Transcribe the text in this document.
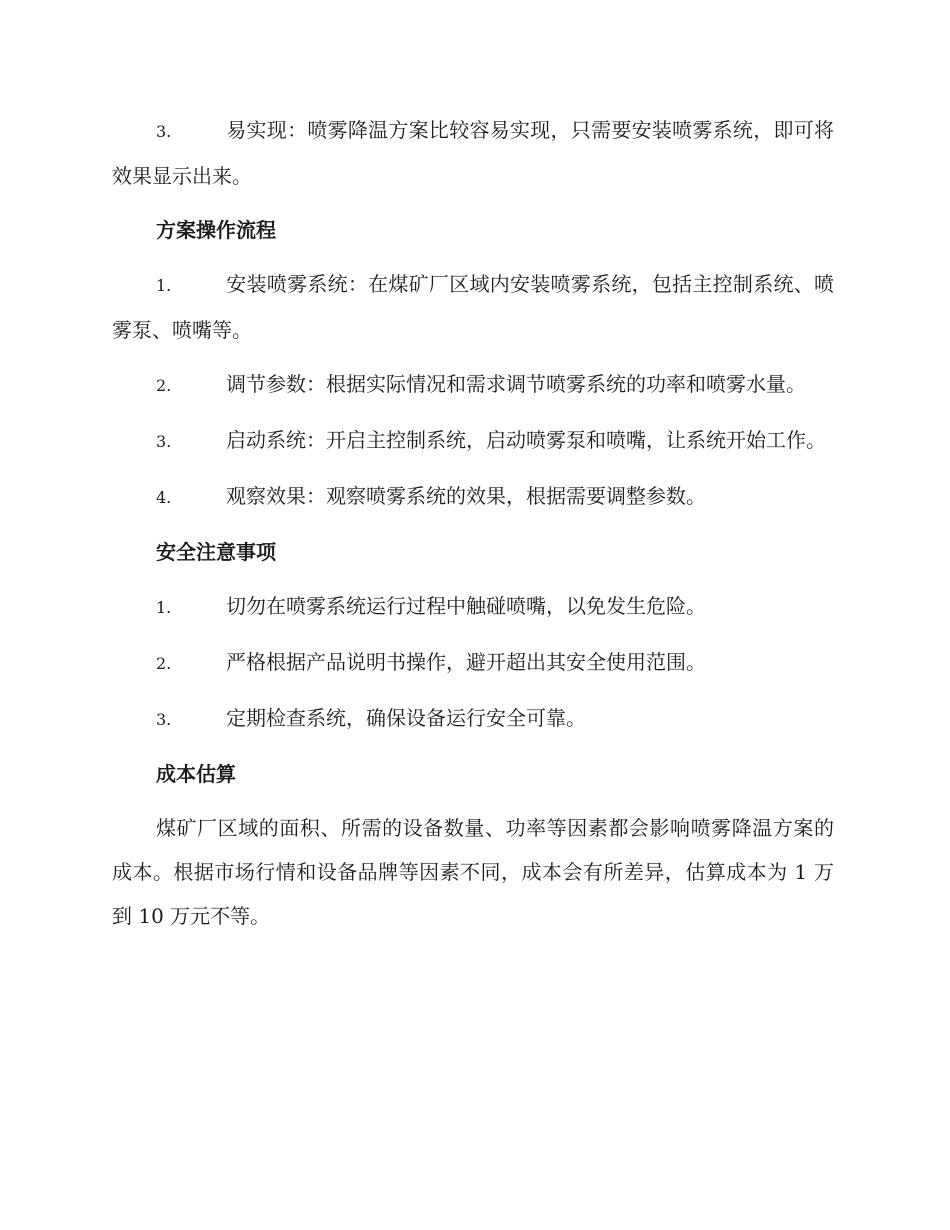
3.	易实现：喷雾降温方案比较容易实现，只需要安装喷雾系统，即可将效果显示出来。
方案操作流程
1.	安装喷雾系统：在煤矿厂区域内安装喷雾系统，包括主控制系统、喷雾泵、喷嘴等。
2.	调节参数：根据实际情况和需求调节喷雾系统的功率和喷雾水量。
3.	启动系统：开启主控制系统，启动喷雾泵和喷嘴，让系统开始工作。
4.	观察效果：观察喷雾系统的效果，根据需要调整参数。
安全注意事项
1.	切勿在喷雾系统运行过程中触碰喷嘴，以免发生危险。
2.	严格根据产品说明书操作，避开超出其安全使用范围。
3.	定期检查系统，确保设备运行安全可靠。
成本估算
煤矿厂区域的面积、所需的设备数量、功率等因素都会影响喷雾降温方案的成本。根据市场行情和设备品牌等因素不同，成本会有所差异，估算成本为 1 万到 10 万元不等。
